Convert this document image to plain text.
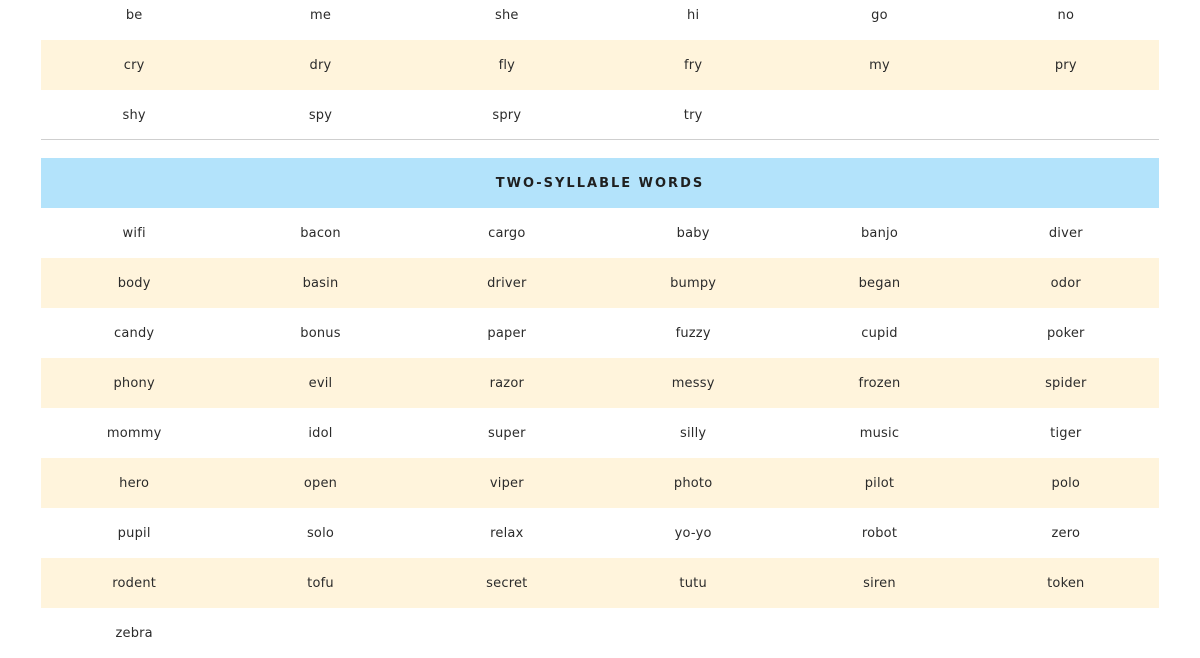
be	me	she	hi	go	no
cry	dry	fly	fry	my	pry
shy	spy	spry	try
TWO-SYLLABLE WORDS
wifi	bacon	cargo	baby	banjo	diver
body	basin	driver	bumpy	began	odor
candy	bonus	paper	fuzzy	cupid	poker
phony	evil	razor	messy	frozen	spider
mommy	idol	super	silly	music	tiger
hero	open	viper	photo	pilot	polo
pupil	solo	relax	yo-yo	robot	zero
rodent	tofu	secret	tutu	siren	token
zebra
